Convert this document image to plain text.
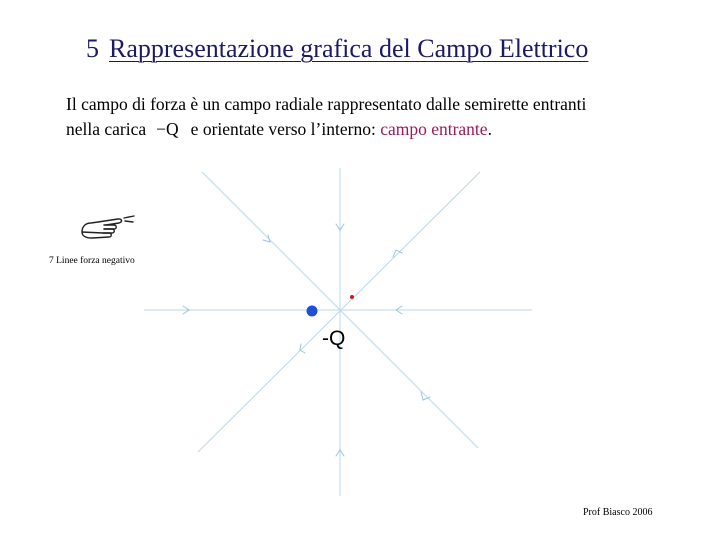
5 Rappresentazione grafica del Campo Elettrico
Il campo di forza è un campo radiale rappresentato dalle semirette entranti
nella carica −Q e orientate verso l’interno: campo entrante.
7 Linee forza negativo
-Q
Prof Biasco 2006
